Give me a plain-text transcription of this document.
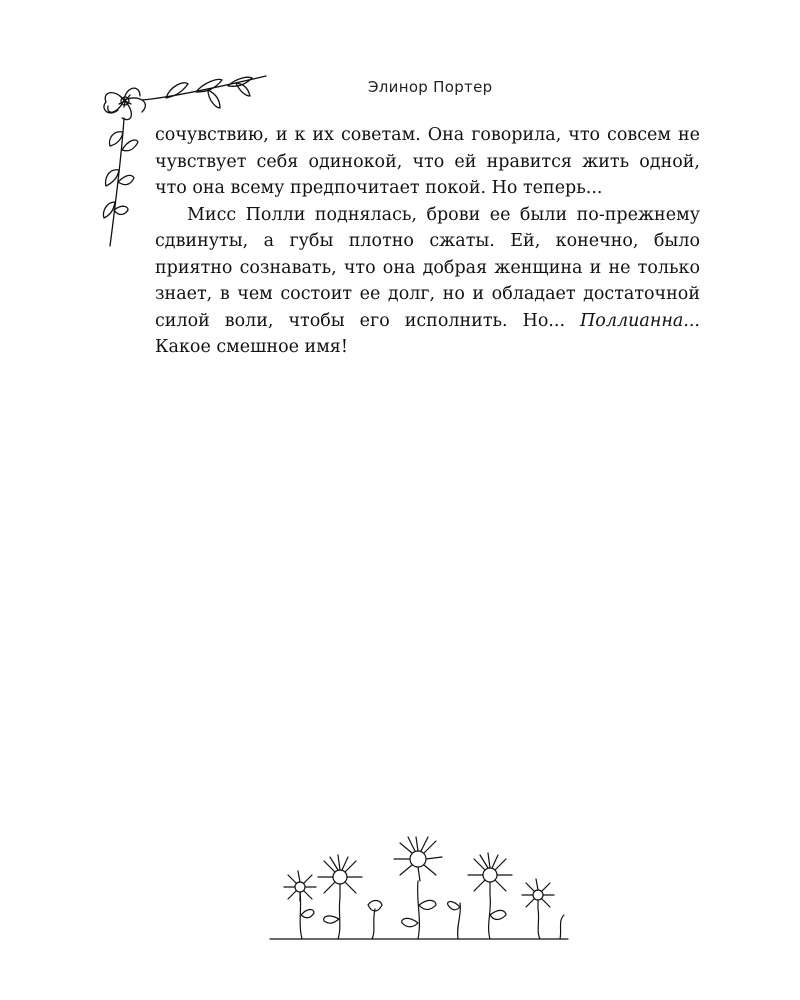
Элинор Портер

сочувствию, и к их советам. Она говорила, что совсем не чувствует себя одинокой, что ей нравится жить одной, что она всему предпочитает покой. Но теперь...

Мисс Полли поднялась, брови ее были по-прежнему сдвинуты, а губы плотно сжаты. Ей, конечно, было приятно сознавать, что она добрая женщина и не только знает, в чем состоит ее долг, но и обладает достаточной силой воли, чтобы его исполнить. Но... Поллианна... Какое смешное имя!
